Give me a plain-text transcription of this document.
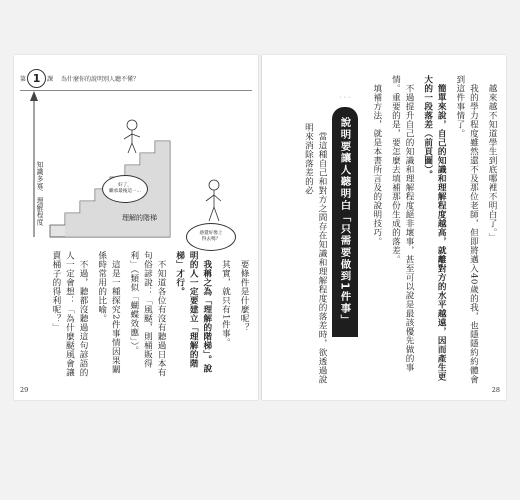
第 1	課 為什麼你的說明別人聽不懂？
知識多寡．理解程度	理解的階梯
好了，
繼承最後這一...
感覺好像上
得去嗎？

要條件是什麼呢？

其實，就只有1件事。

我稱之為「理解的階梯」。說明的人一定要建立「理解的階梯」才行。

不知道各位有沒有聽過日本有句俗諺說：「風颳，則桶販得利」（類似「蝴蝶效應」）。

這是一種探究2件事情因果關係時常用的比喻。

不過，聽都沒聽過這句諺語的人一定會想：「為什麼颳風會讓賣桶子的得利呢？」

29

越來越不知道學生到底哪裡不明白了。」

我的學力程度雖然還不及那位老師，但即將邁入40歲的我，也隱隱約約體會到這件事情了。

簡單來說，自己的知識和理解程度越高，就離對方的水平越遠，因而產生更大的一段落差（前頁圖）。

不過提升自己的知識和理解程度絕非壞事，甚至可以說是最該優先做的事情。重要的是，要怎麼去填補那份生成的落差。

填補方法，就是本書所言及的說明技巧。

◦ ◦ ◦
說明要讓人聽明白「只需要做到1件事」

當這種自己和對方之間存在知識和理解程度的落差時，欲透過說明來消除落差的必

28
